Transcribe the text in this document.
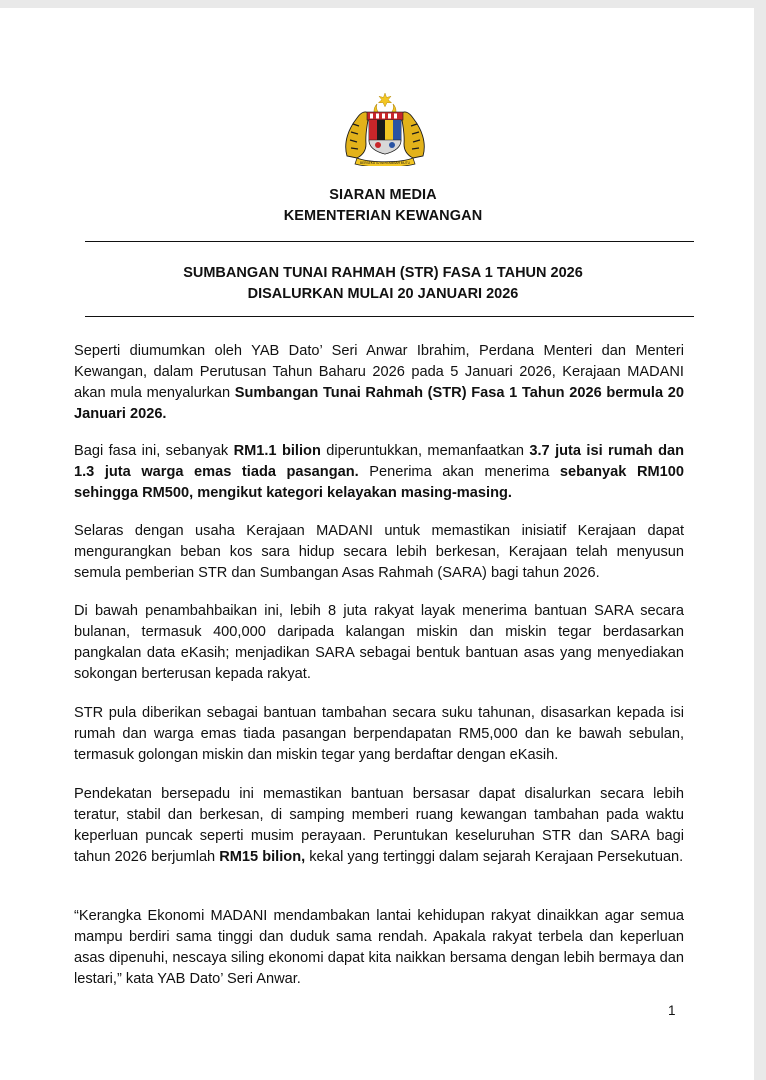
BERSEKUTU BERTAMBAH MUTU
SIARAN MEDIA
KEMENTERIAN KEWANGAN
SUMBANGAN TUNAI RAHMAH (STR) FASA 1 TAHUN 2026
DISALURKAN MULAI 20 JANUARI 2026
Seperti diumumkan oleh YAB Dato’ Seri Anwar Ibrahim, Perdana Menteri dan Menteri Kewangan, dalam Perutusan Tahun Baharu 2026 pada 5 Januari 2026, Kerajaan MADANI akan mula menyalurkan Sumbangan Tunai Rahmah (STR) Fasa 1 Tahun 2026 bermula 20 Januari 2026.
Bagi fasa ini, sebanyak RM1.1 bilion diperuntukkan, memanfaatkan 3.7 juta isi rumah dan 1.3 juta warga emas tiada pasangan. Penerima akan menerima sebanyak RM100 sehingga RM500, mengikut kategori kelayakan masing-masing.
Selaras dengan usaha Kerajaan MADANI untuk memastikan inisiatif Kerajaan dapat mengurangkan beban kos sara hidup secara lebih berkesan, Kerajaan telah menyusun semula pemberian STR dan Sumbangan Asas Rahmah (SARA) bagi tahun 2026.
Di bawah penambahbaikan ini, lebih 8 juta rakyat layak menerima bantuan SARA secara bulanan, termasuk 400,000 daripada kalangan miskin dan miskin tegar berdasarkan pangkalan data eKasih; menjadikan SARA sebagai bentuk bantuan asas yang menyediakan sokongan berterusan kepada rakyat.
STR pula diberikan sebagai bantuan tambahan secara suku tahunan, disasarkan kepada isi rumah dan warga emas tiada pasangan berpendapatan RM5,000 dan ke bawah sebulan, termasuk golongan miskin dan miskin tegar yang berdaftar dengan eKasih.
Pendekatan bersepadu ini memastikan bantuan bersasar dapat disalurkan secara lebih teratur, stabil dan berkesan, di samping memberi ruang kewangan tambahan pada waktu keperluan puncak seperti musim perayaan. Peruntukan keseluruhan STR dan SARA bagi tahun 2026 berjumlah RM15 bilion, kekal yang tertinggi dalam sejarah Kerajaan Persekutuan.
“Kerangka Ekonomi MADANI mendambakan lantai kehidupan rakyat dinaikkan agar semua mampu berdiri sama tinggi dan duduk sama rendah. Apakala rakyat terbela dan keperluan asas dipenuhi, nescaya siling ekonomi dapat kita naikkan bersama dengan lebih bermaya dan lestari,” kata YAB Dato’ Seri Anwar.
1
